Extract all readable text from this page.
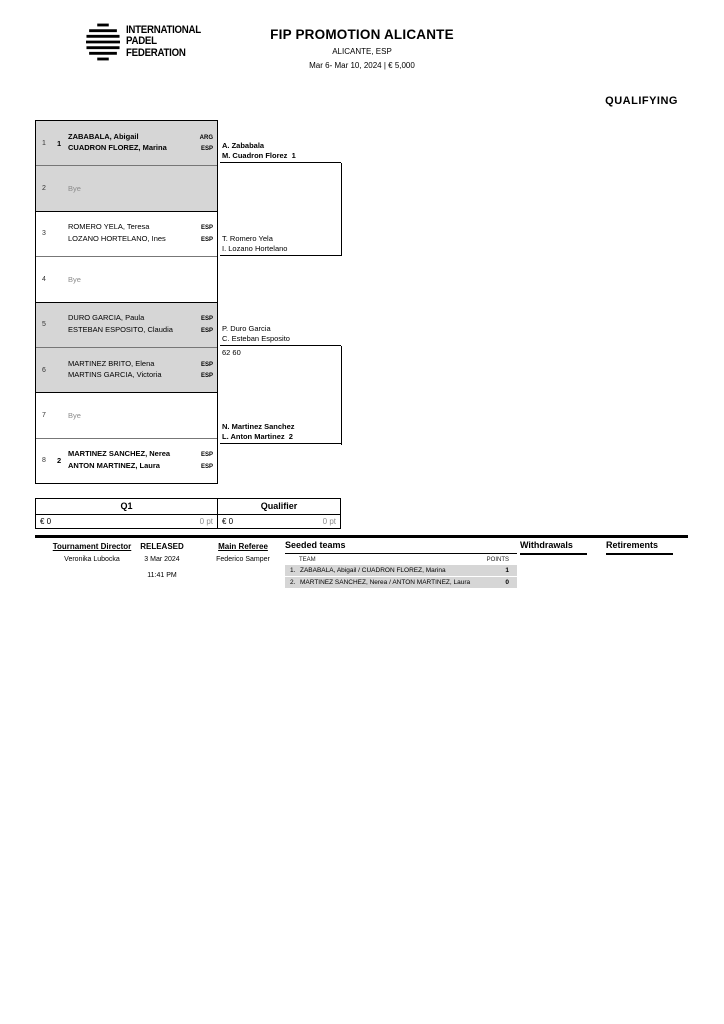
INTERNATIONAL
PADEL
FEDERATION
FIP PROMOTION ALICANTE
ALICANTE, ESP
Mar 6- Mar 10, 2024 | € 5,000
QUALIFYING
1	1
ZABABALA, Abigail	ARG
CUADRON FLOREZ, Marina	ESP
2	Bye
3
ROMERO YELA, Teresa	ESP
LOZANO HORTELANO, Ines	ESP
4	Bye
5
DURO GARCIA, Paula	ESP
ESTEBAN ESPOSITO, Claudia	ESP
6
MARTINEZ BRITO, Elena	ESP
MARTINS GARCIA, Victoria	ESP
7	Bye
8	2
MARTINEZ SANCHEZ, Nerea	ESP
ANTON MARTINEZ, Laura	ESP
A. Zababala
M. Cuadron Florez  1
T. Romero Yela
I. Lozano Hortelano
P. Duro Garcia
C. Esteban Esposito
62 60
N. Martinez Sanchez
L. Anton Martinez  2
Q1	Qualifier
€ 0	0 pt € 0	0 pt
Tournament Director
Veronika Lubocka
RELEASED
3 Mar 2024
11:41 PM
Main Referee
Federico Samper
Seeded teams
TEAM	POINTS
1. ZABABALA, Abigail / CUADRON FLOREZ, Marina	1
2. MARTINEZ SANCHEZ, Nerea / ANTON MARTINEZ, Laura	0
Withdrawals	Retirements
